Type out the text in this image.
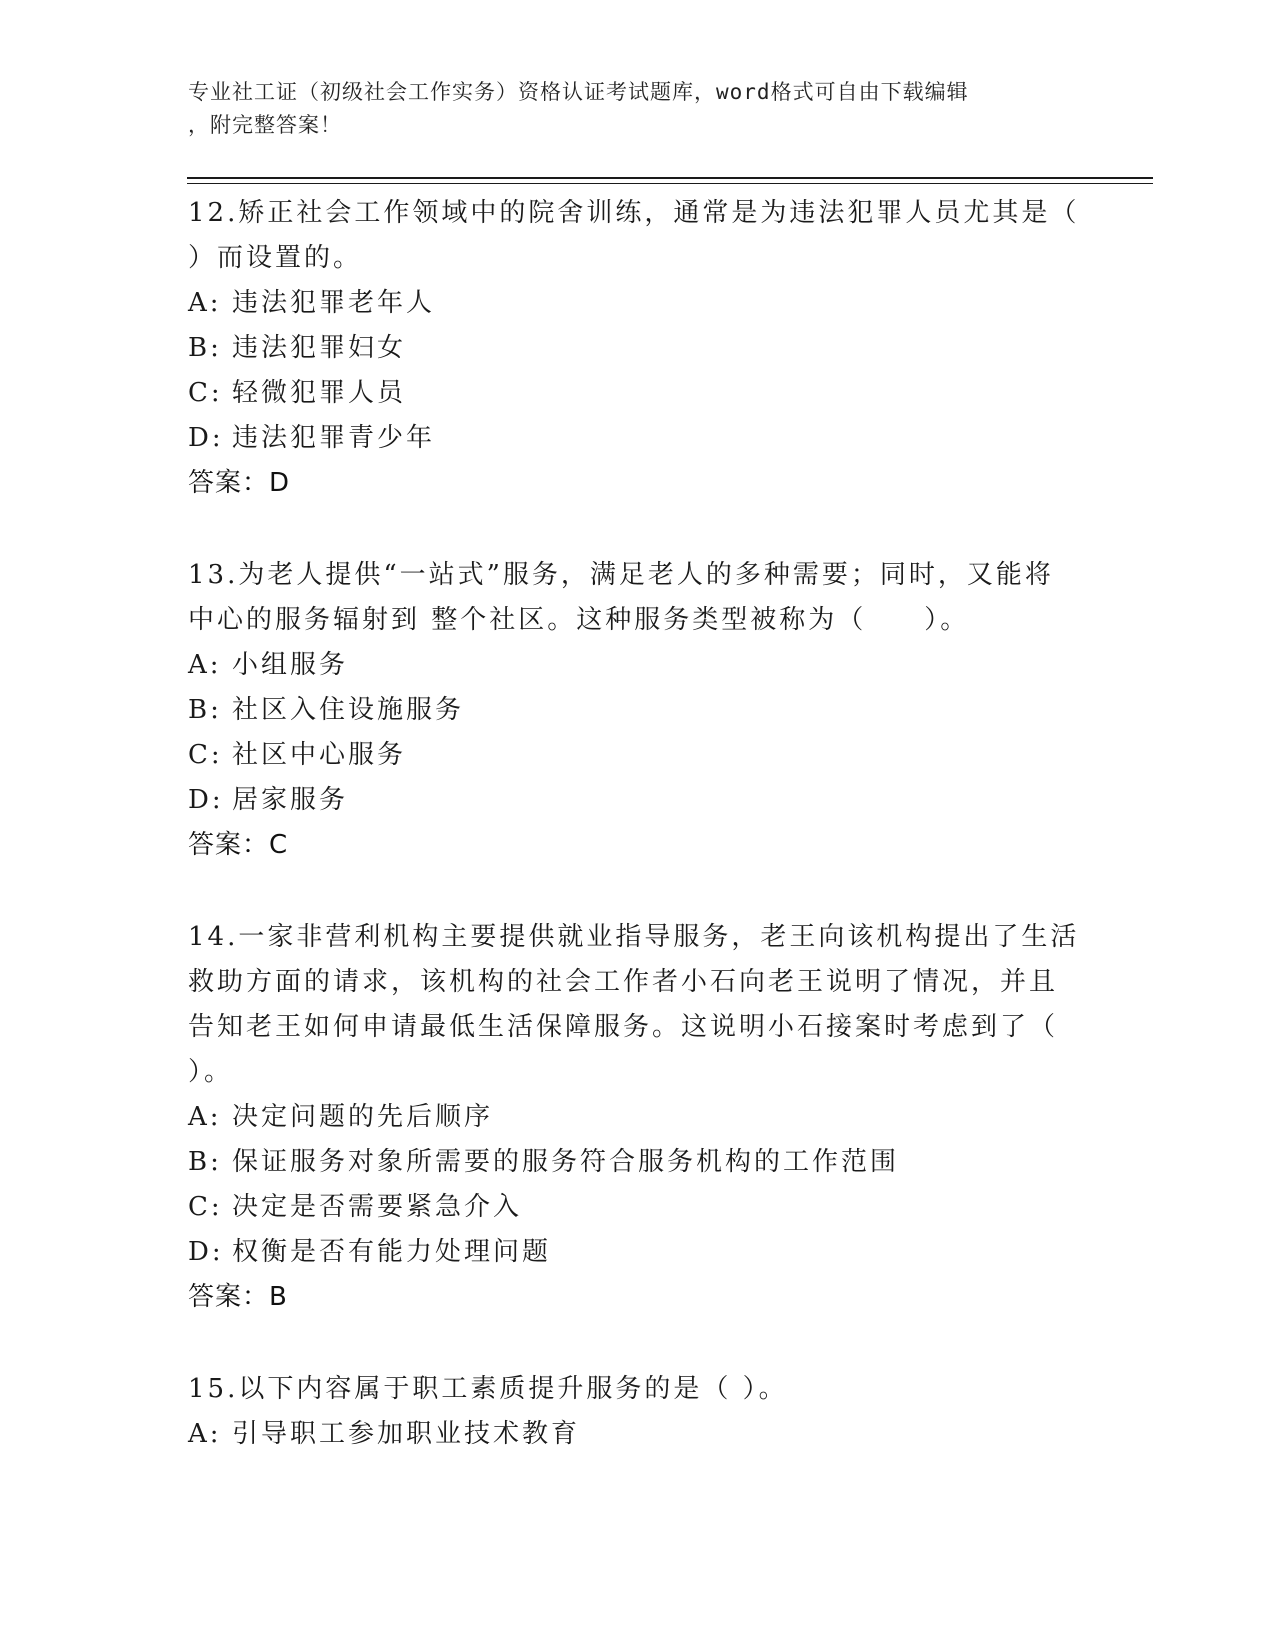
专业社工证（初级社会工作实务）资格认证考试题库，word格式可自由下载编辑
，附完整答案！
12.矫正社会工作领域中的院舍训练，通常是为违法犯罪人员尤其是（
）而设置的。
A: 违法犯罪老年人
B: 违法犯罪妇女
C: 轻微犯罪人员
D: 违法犯罪青少年
答案：D
13.为老人提供“一站式”服务，满足老人的多种需要；同时，又能将
中心的服务辐射到 整个社区。这种服务类型被称为（　　）。
A: 小组服务
B: 社区入住设施服务
C: 社区中心服务
D: 居家服务
答案：C
14.一家非营利机构主要提供就业指导服务，老王向该机构提出了生活
救助方面的请求，该机构的社会工作者小石向老王说明了情况，并且
告知老王如何申请最低生活保障服务。这说明小石接案时考虑到了（
）。
A: 决定问题的先后顺序
B: 保证服务对象所需要的服务符合服务机构的工作范围
C: 决定是否需要紧急介入
D: 权衡是否有能力处理问题
答案：B
15.以下内容属于职工素质提升服务的是（ ）。
A: 引导职工参加职业技术教育
